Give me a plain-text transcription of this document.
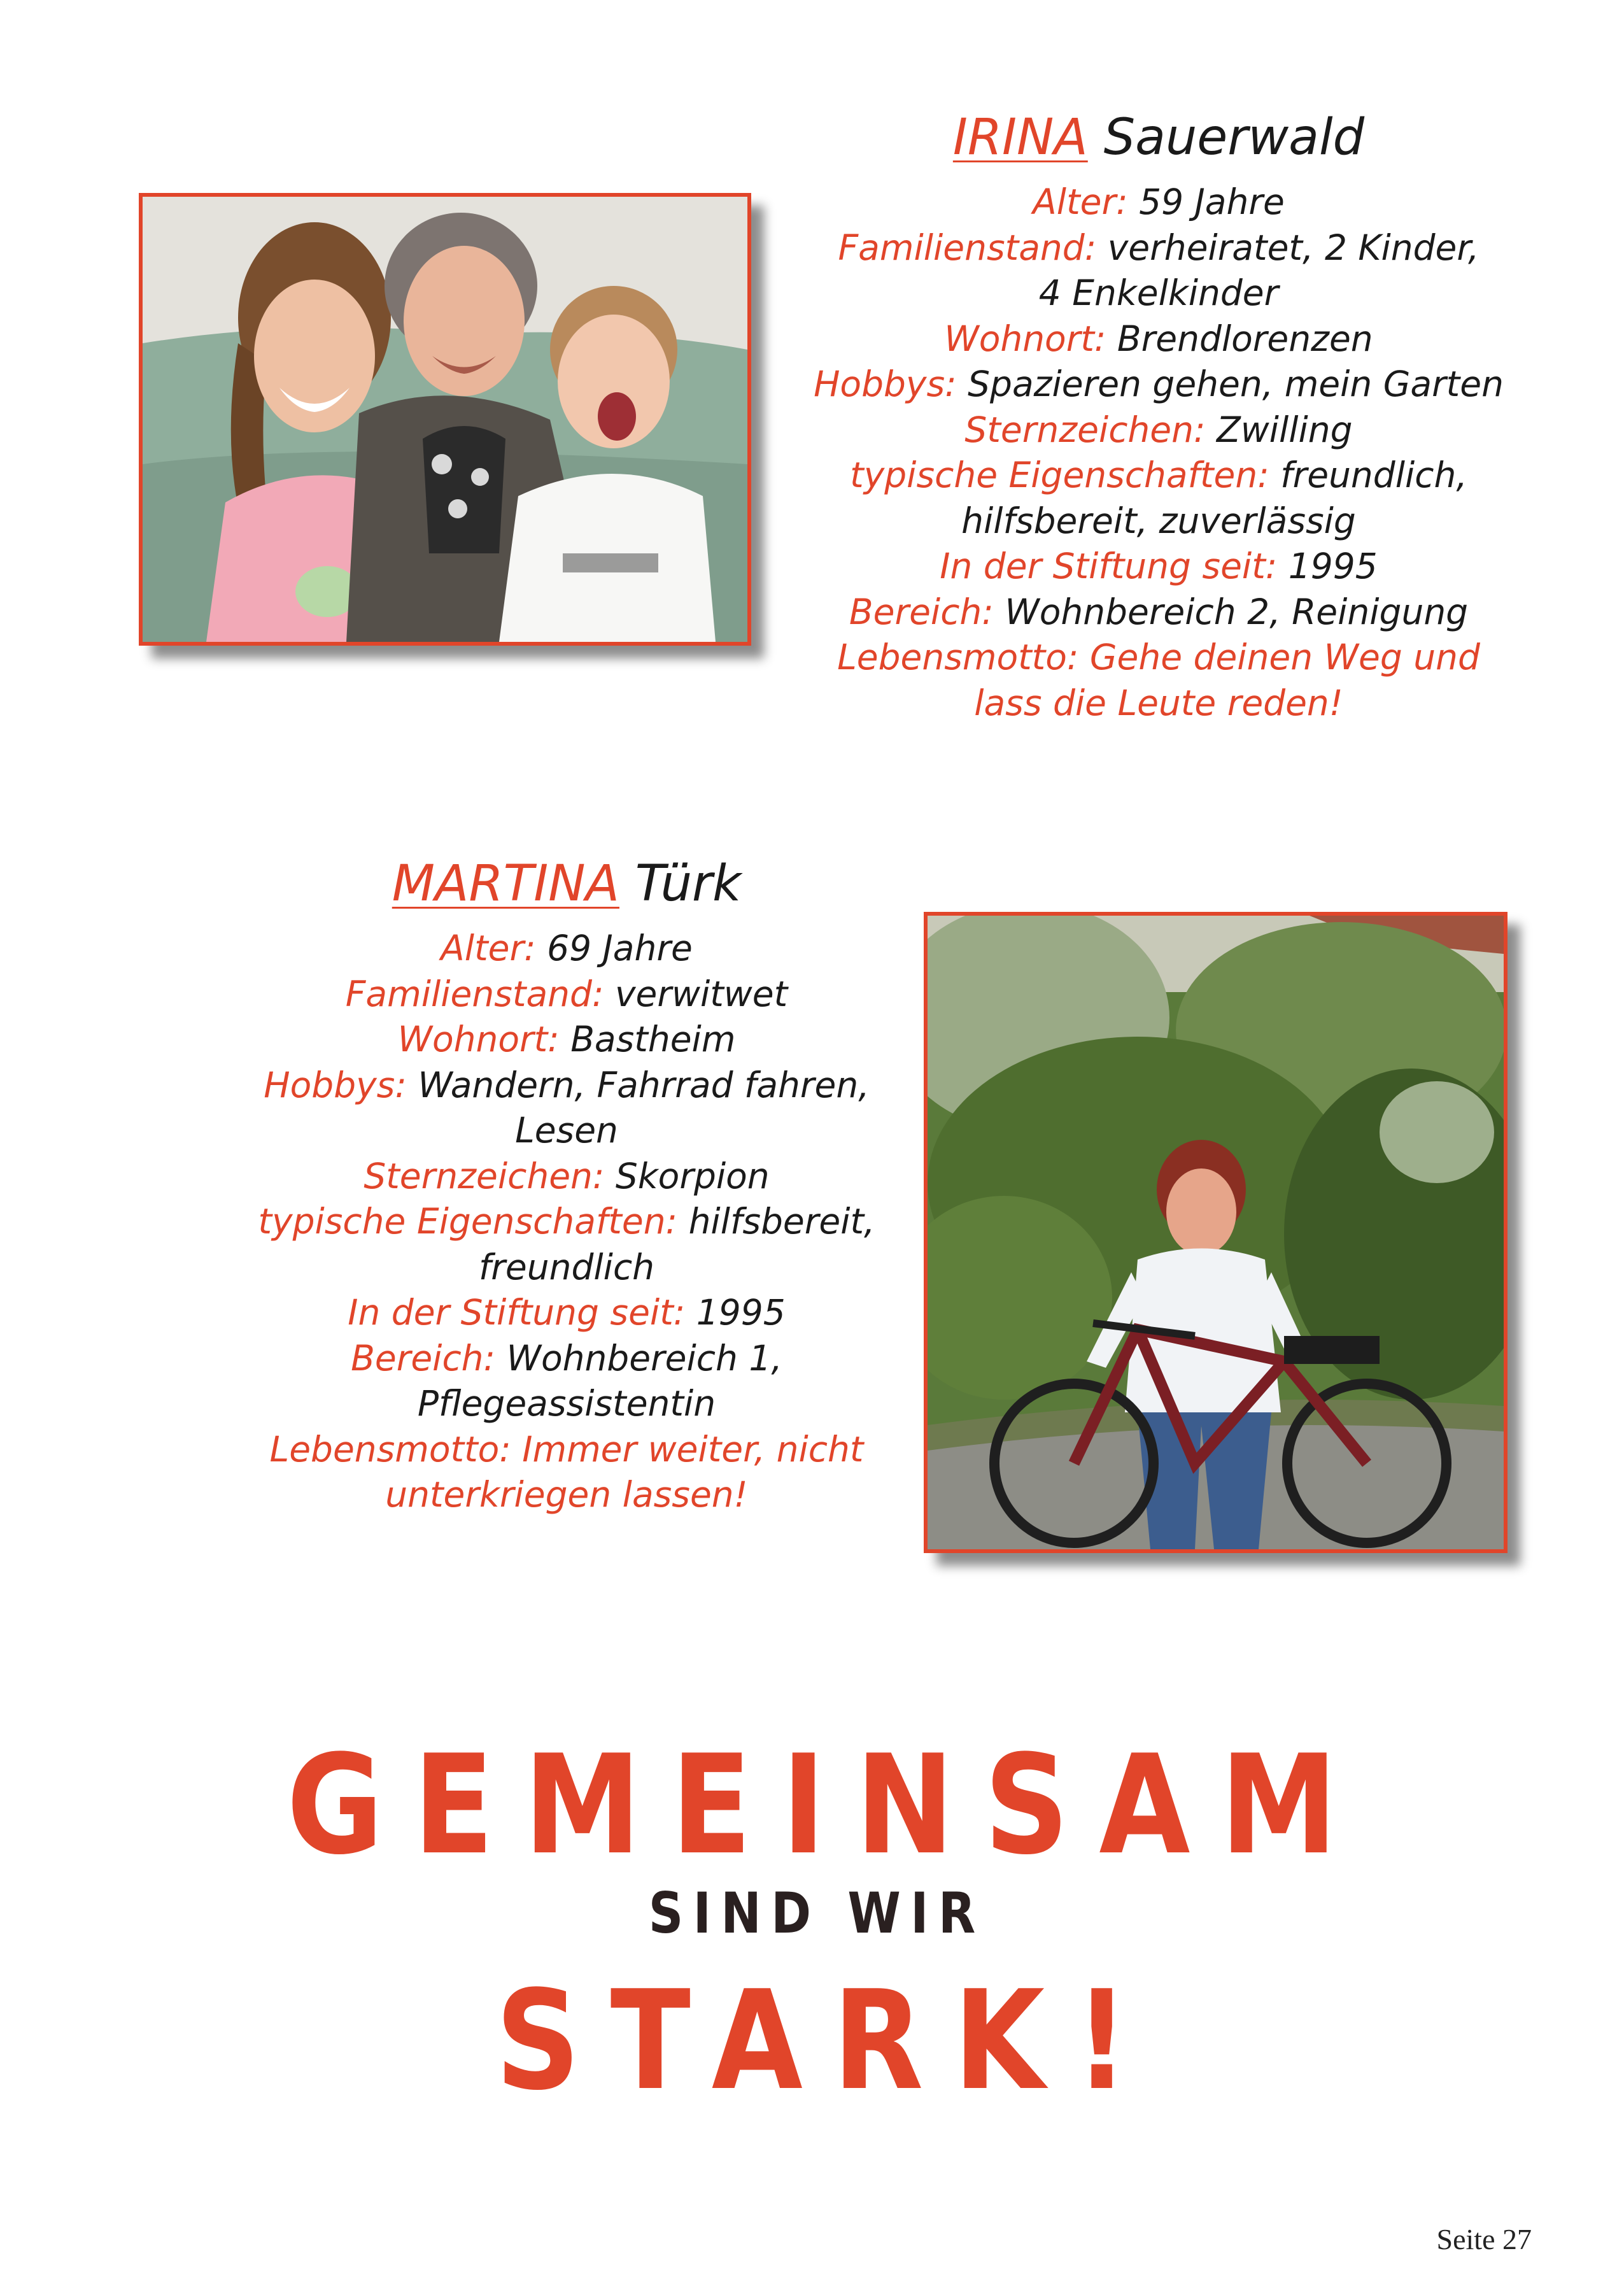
IRINA Sauerwald
Alter: 59 Jahre
Familienstand: verheiratet, 2 Kinder,
4 Enkelkinder
Wohnort: Brendlorenzen
Hobbys: Spazieren gehen, mein Garten
Sternzeichen: Zwilling
typische Eigenschaften: freundlich,
hilfsbereit, zuverlässig
In der Stiftung seit: 1995
Bereich: Wohnbereich 2, Reinigung
Lebensmotto: Gehe deinen Weg und
lass die Leute reden!
MARTINA Türk
Alter: 69 Jahre
Familienstand: verwitwet
Wohnort: Bastheim
Hobbys: Wandern, Fahrrad fahren,
Lesen
Sternzeichen: Skorpion
typische Eigenschaften: hilfsbereit,
freundlich
In der Stiftung seit: 1995
Bereich: Wohnbereich 1,
Pflegeassistentin
Lebensmotto: Immer weiter, nicht
unterkriegen lassen!
GEMEINSAM
SIND WIR
STARK!
Seite 27
